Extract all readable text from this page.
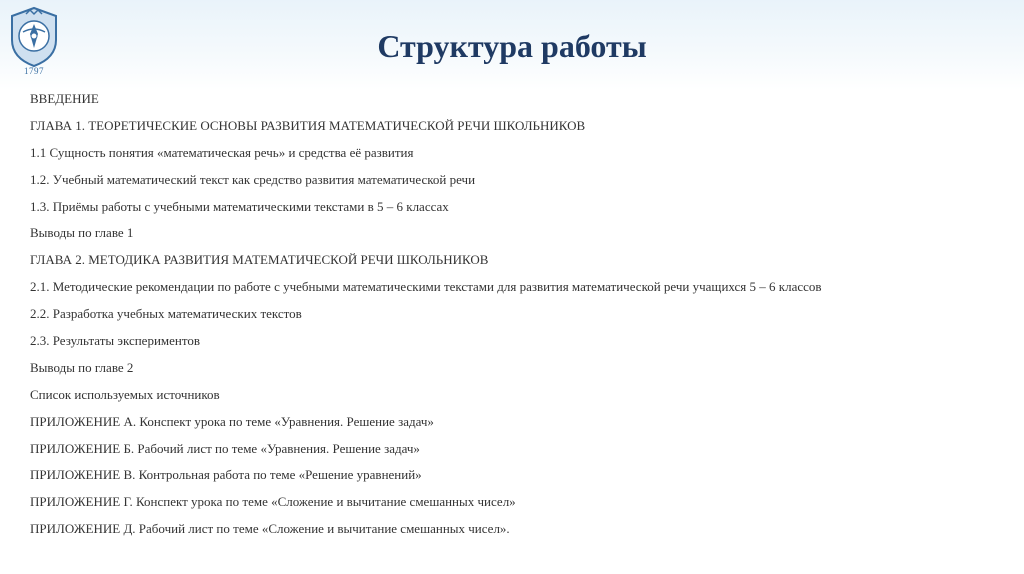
1797
Структура работы
ВВЕДЕНИЕ
ГЛАВА 1. ТЕОРЕТИЧЕСКИЕ ОСНОВЫ РАЗВИТИЯ МАТЕМАТИЧЕСКОЙ РЕЧИ ШКОЛЬНИКОВ
1.1 Сущность понятия «математическая речь» и средства её развития
1.2. Учебный математический текст как средство развития математической речи
1.3. Приёмы работы с учебными математическими текстами в 5 – 6 классах
Выводы по главе 1
ГЛАВА 2. МЕТОДИКА РАЗВИТИЯ МАТЕМАТИЧЕСКОЙ РЕЧИ ШКОЛЬНИКОВ
2.1. Методические рекомендации по работе с учебными математическими текстами для развития математической речи учащихся 5 – 6 классов
2.2. Разработка учебных математических текстов
2.3. Результаты экспериментов
Выводы по главе 2
Список используемых источников
ПРИЛОЖЕНИЕ А. Конспект урока по теме «Уравнения. Решение задач»
ПРИЛОЖЕНИЕ Б. Рабочий лист по теме «Уравнения. Решение задач»
ПРИЛОЖЕНИЕ В. Контрольная работа по теме «Решение уравнений»
ПРИЛОЖЕНИЕ Г. Конспект урока по теме «Сложение и вычитание смешанных чисел»
ПРИЛОЖЕНИЕ Д. Рабочий лист по теме «Сложение и вычитание смешанных чисел».
